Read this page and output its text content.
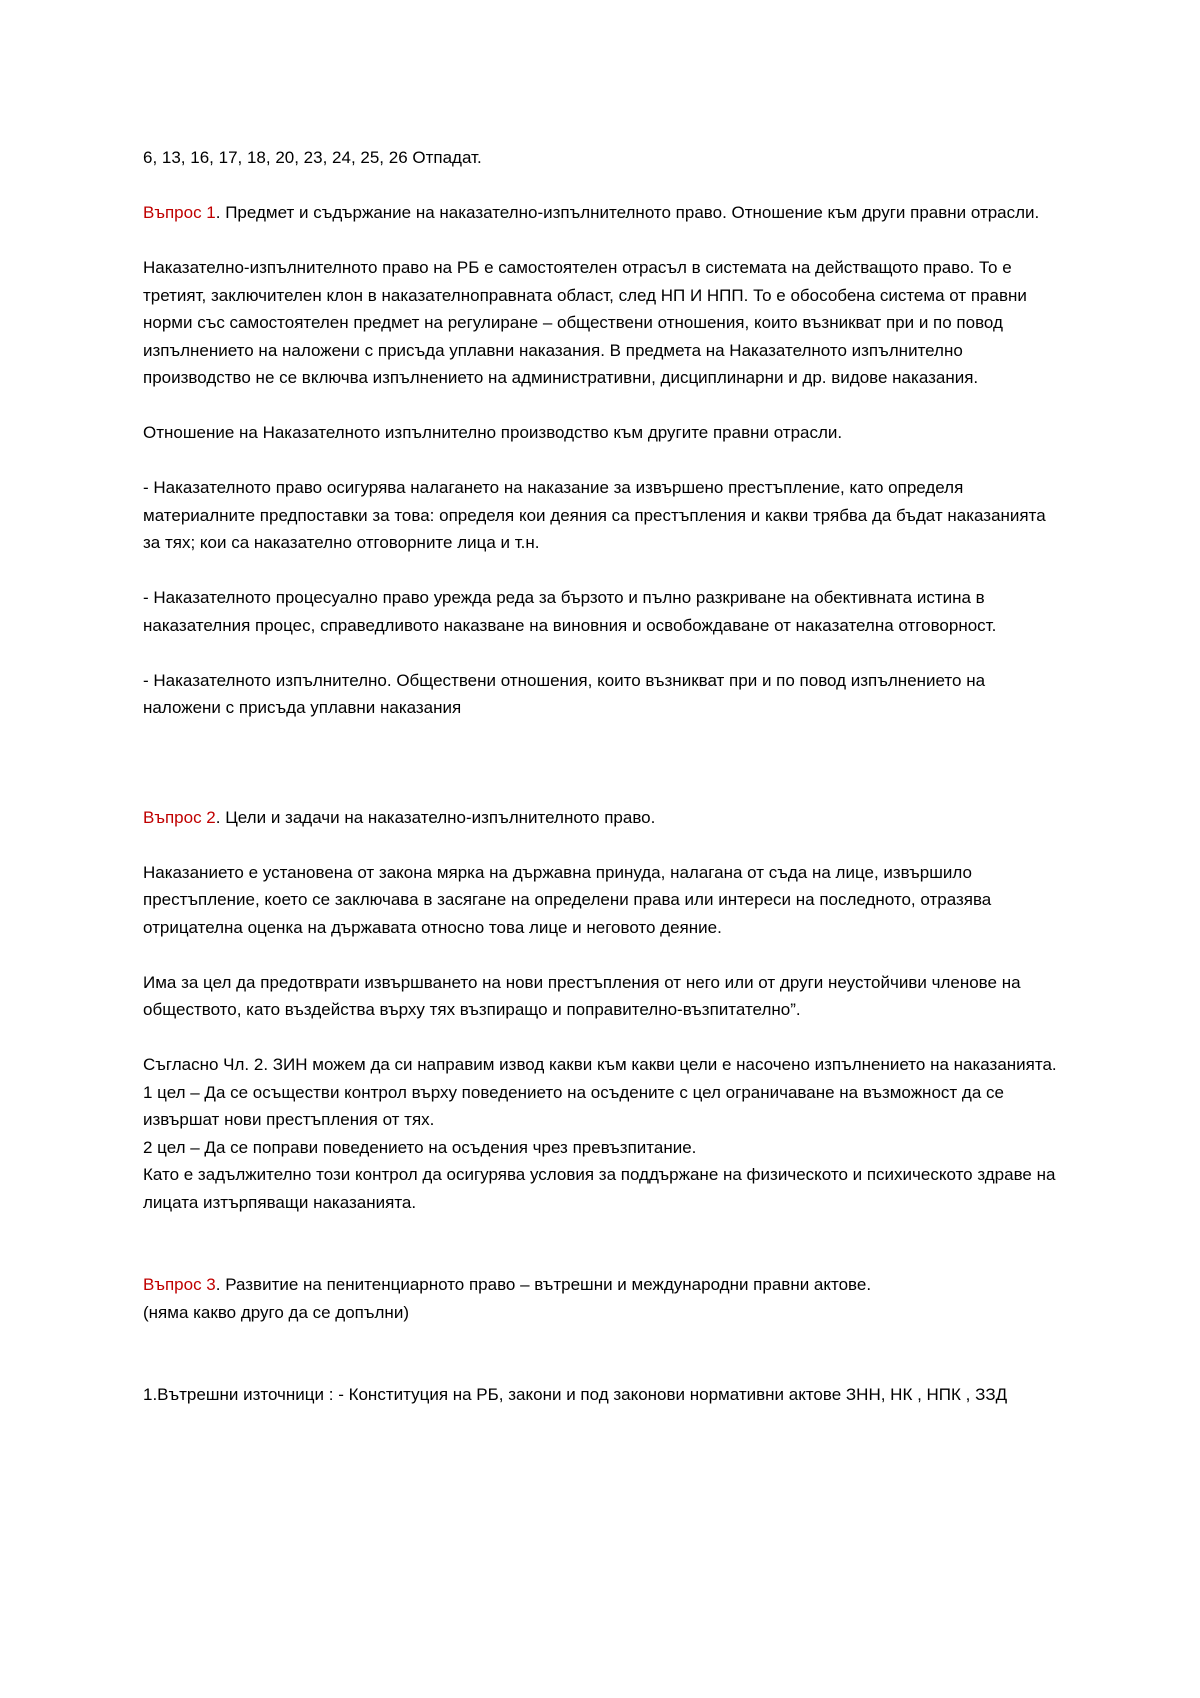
6, 13, 16, 17, 18, 20, 23, 24, 25, 26 Отпадат.

Въпрос 1. Предмет и съдържание на наказателно-изпълнителното право. Отношение към други правни отрасли.

Наказателно-изпълнителното право на РБ е самостоятелен отрасъл в системата на действащото право. То е третият, заключителен клон в наказателноправната област, след НП И НПП. То е обособена система от правни норми със самостоятелен предмет на регулиране – обществени отношения, които възникват при и по повод изпълнението на наложени с присъда уплавни наказания. В предмета на Наказателното изпълнително производство не се включва изпълнението на административни, дисциплинарни и др. видове наказания.

Отношение на Наказателното изпълнително производство към другите правни отрасли.

- Наказателното право осигурява налагането на наказание за извършено престъпление, като определя материалните предпоставки за това: определя кои деяния са престъпления и какви трябва да бъдат наказанията за тях; кои са наказателно отговорните лица и т.н.

- Наказателното процесуално право урежда реда за бързото и пълно разкриване на обективната истина в наказателния процес, справедливото наказване на виновния и освобождаване от наказателна отговорност.

- Наказателното изпълнително. Обществени отношения, които възникват при и по повод изпълнението на наложени с присъда уплавни наказания

Въпрос 2. Цели и задачи на наказателно-изпълнителното право.

Наказанието е установена от закона мярка на държавна принуда, налагана от съда на лице, извършило престъпление, което се заключава в засягане на определени права или интереси на последното, отразява отрицателна оценка на държавата относно това лице и неговото деяние.

Има за цел да предотврати извършването на нови престъпления от него или от други неустойчиви членове на обществото, като въздейства върху тях възпиращо и поправително-възпитателно”.

Съгласно Чл. 2. ЗИН можем да си направим извод какви към какви цели е насочено изпълнението на наказанията.

1 цел – Да се осъществи контрол върху поведението на осъдените с цел ограничаване на възможност да се извършат нови престъпления от тях.

2 цел – Да се поправи поведението на осъдения чрез превъзпитание.

Като е задължително този контрол да осигурява условия за поддържане на физическото и психическото здраве на лицата изтърпяващи наказанията.

Въпрос 3. Развитие на пенитенциарното право – вътрешни и международни правни актове.

(няма какво друго да се допълни)

1.Вътрешни източници : - Конституция на РБ, закони и под законови нормативни актове ЗНН, НК , НПК , ЗЗД
